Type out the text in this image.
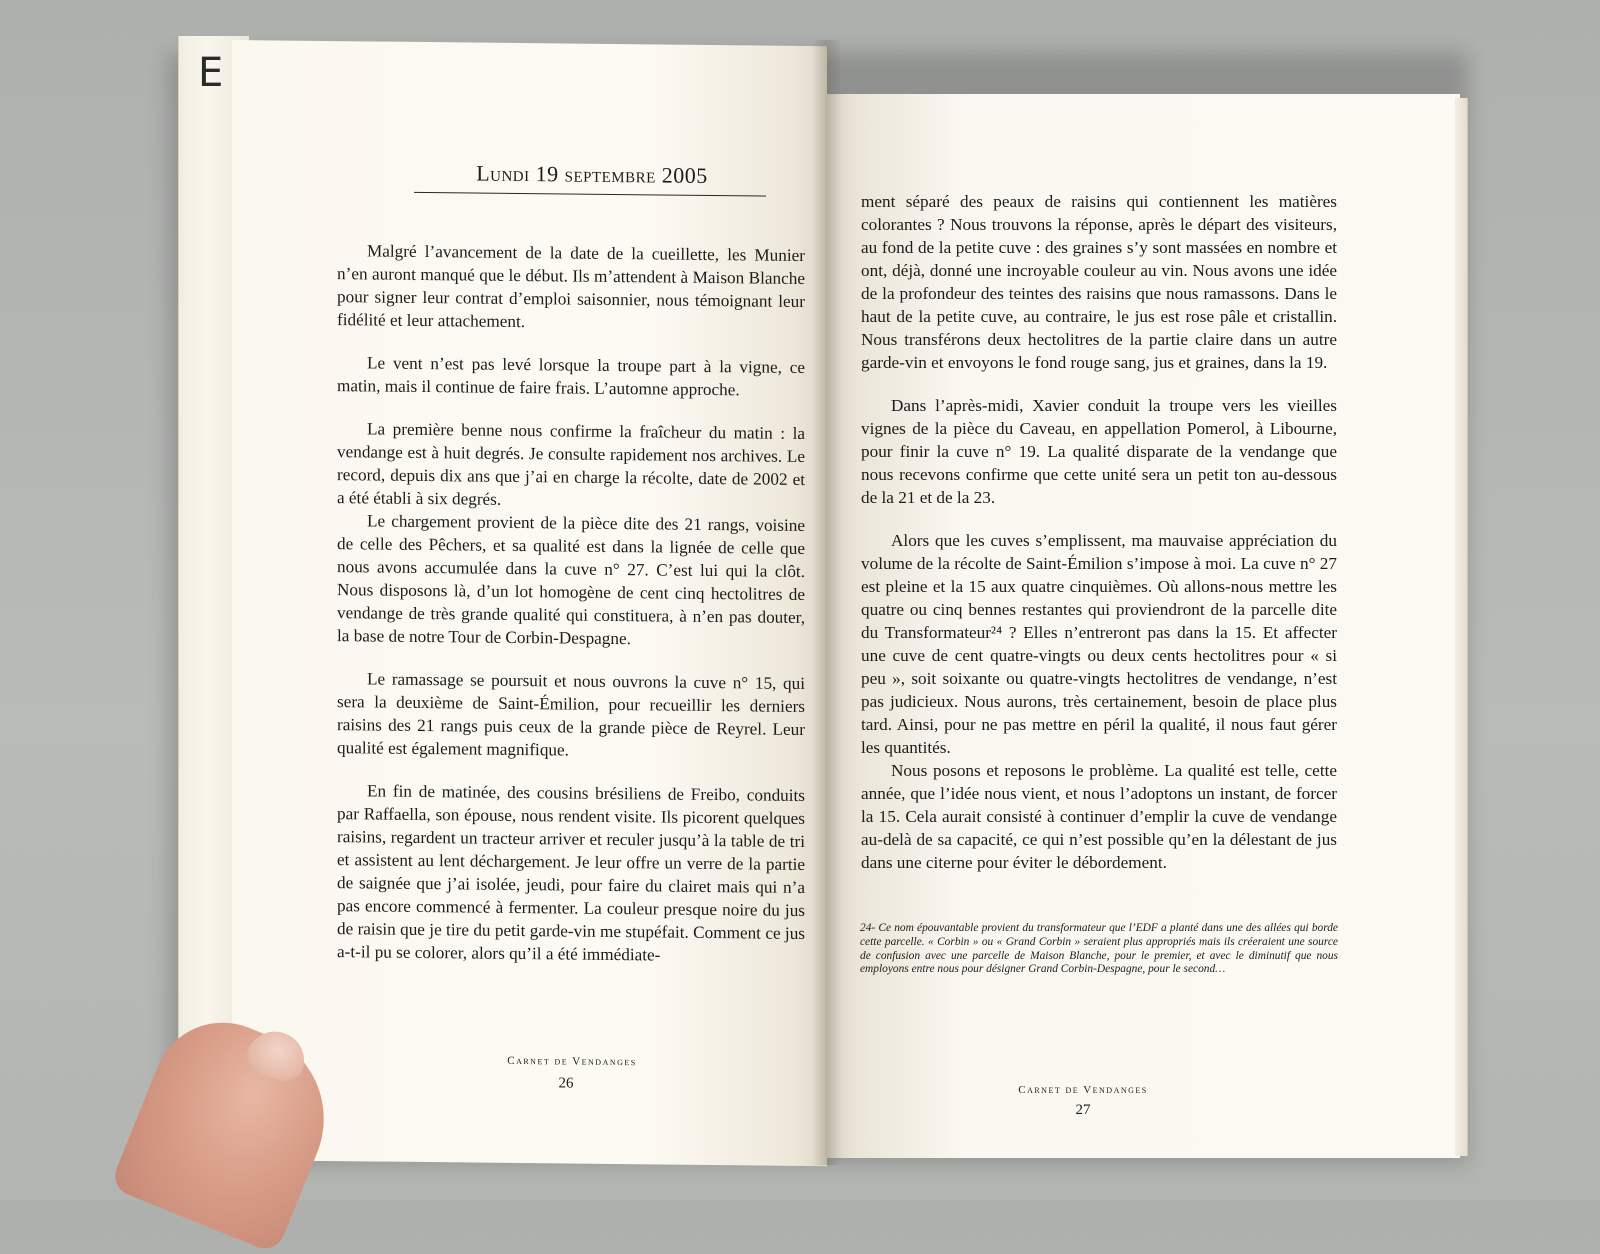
E
Lundi 19 septembre 2005

Malgré l’avancement de la date de la cueillette, les Munier n’en auront manqué que le début. Ils m’attendent à Maison Blanche pour signer leur contrat d’emploi saisonnier, nous témoignant leur fidélité et leur attachement.

Le vent n’est pas levé lorsque la troupe part à la vigne, ce matin, mais il continue de faire frais. L’automne approche.

La première benne nous confirme la fraîcheur du matin : la vendange est à huit degrés. Je consulte rapidement nos archives. Le record, depuis dix ans que j’ai en charge la récolte, date de 2002 et a été établi à six degrés.

Le chargement provient de la pièce dite des 21 rangs, voisine de celle des Pêchers, et sa qualité est dans la lignée de celle que nous avons accumulée dans la cuve n° 27. C’est lui qui la clôt. Nous disposons là, d’un lot homogène de cent cinq hectolitres de vendange de très grande qualité qui constituera, à n’en pas douter, la base de notre Tour de Corbin-Despagne.

Le ramassage se poursuit et nous ouvrons la cuve n° 15, qui sera la deuxième de Saint-Émilion, pour recueillir les derniers raisins des 21 rangs puis ceux de la grande pièce de Reyrel. Leur qualité est également magnifique.

En fin de matinée, des cousins brésiliens de Freibo, conduits par Raffaella, son épouse, nous rendent visite. Ils picorent quelques raisins, regardent un tracteur arriver et reculer jusqu’à la table de tri et assistent au lent déchargement. Je leur offre un verre de la partie de saignée que j’ai isolée, jeudi, pour faire du clairet mais qui n’a pas encore commencé à fermenter. La couleur presque noire du jus de raisin que je tire du petit garde-vin me stupéfait. Comment ce jus a-t-il pu se colorer, alors qu’il a été immédiate-

Carnet de Vendanges
26

ment séparé des peaux de raisins qui contiennent les matières colorantes ? Nous trouvons la réponse, après le départ des visiteurs, au fond de la petite cuve : des graines s’y sont massées en nombre et ont, déjà, donné une incroyable couleur au vin. Nous avons une idée de la profondeur des teintes des raisins que nous ramassons. Dans le haut de la petite cuve, au contraire, le jus est rose pâle et cristallin. Nous transférons deux hectolitres de la partie claire dans un autre garde-vin et envoyons le fond rouge sang, jus et graines, dans la 19.

Dans l’après-midi, Xavier conduit la troupe vers les vieilles vignes de la pièce du Caveau, en appellation Pomerol, à Libourne, pour finir la cuve n° 19. La qualité disparate de la vendange que nous recevons confirme que cette unité sera un petit ton au-dessous de la 21 et de la 23.

Alors que les cuves s’emplissent, ma mauvaise appréciation du volume de la récolte de Saint-Émilion s’impose à moi. La cuve n° 27 est pleine et la 15 aux quatre cinquièmes. Où allons-nous mettre les quatre ou cinq bennes restantes qui proviendront de la parcelle dite du Transformateur²⁴ ? Elles n’entreront pas dans la 15. Et affecter une cuve de cent quatre-vingts ou deux cents hectolitres pour « si peu », soit soixante ou quatre-vingts hectolitres de vendange, n’est pas judicieux. Nous aurons, très certainement, besoin de place plus tard. Ainsi, pour ne pas mettre en péril la qualité, il nous faut gérer les quantités.

Nous posons et reposons le problème. La qualité est telle, cette année, que l’idée nous vient, et nous l’adoptons un instant, de forcer la 15. Cela aurait consisté à continuer d’emplir la cuve de vendange au-delà de sa capacité, ce qui n’est possible qu’en la délestant de jus dans une citerne pour éviter le débordement.

24- Ce nom épouvantable provient du transformateur que l’EDF a planté dans une des allées qui borde cette parcelle. « Corbin » ou « Grand Corbin » seraient plus appropriés mais ils créeraient une source de confusion avec une parcelle de Maison Blanche, pour le premier, et avec le diminutif que nous employons entre nous pour désigner Grand Corbin-Despagne, pour le second…
Carnet de Vendanges
27
